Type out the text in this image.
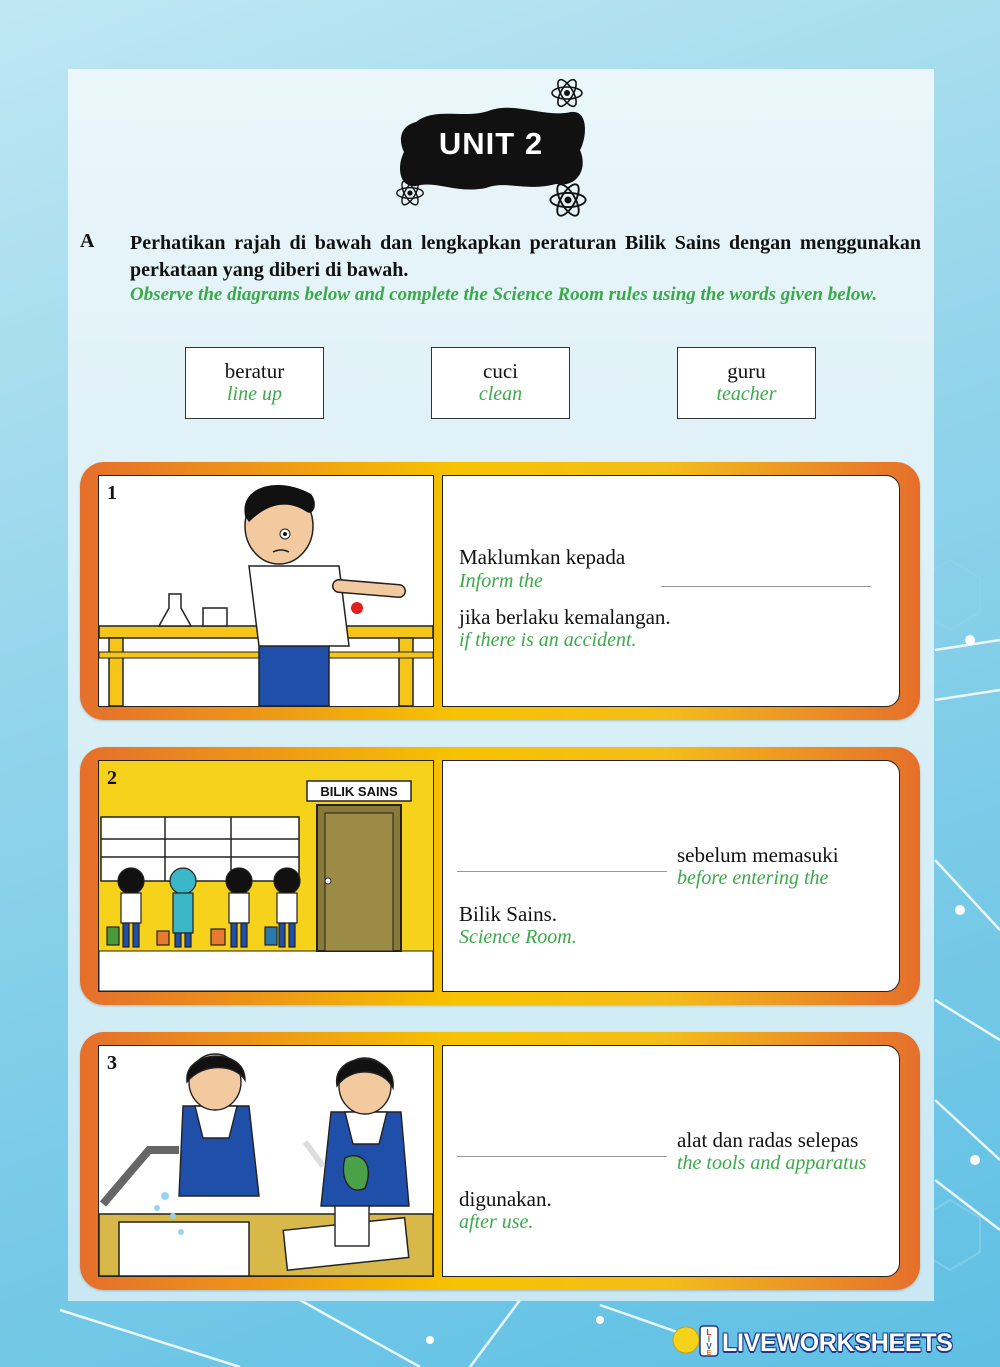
UNIT 2
A Perhatikan rajah di bawah dan lengkapkan peraturan Bilik Sains dengan menggunakan perkataan yang diberi di bawah.
Observe the diagrams below and complete the Science Room rules using the words given below.
beratur
line up
cuci
clean
guru
teacher
1
Maklumkan kepada
Inform the
jika berlaku kemalangan.
if there is an accident.
2
BILIK SAINS
sebelum memasuki
before entering the
Bilik Sains.
Science Room.
3
alat dan radas selepas
the tools and apparatus
digunakan.
after use.
L
I
V
E LIVEWORKSHEETS
